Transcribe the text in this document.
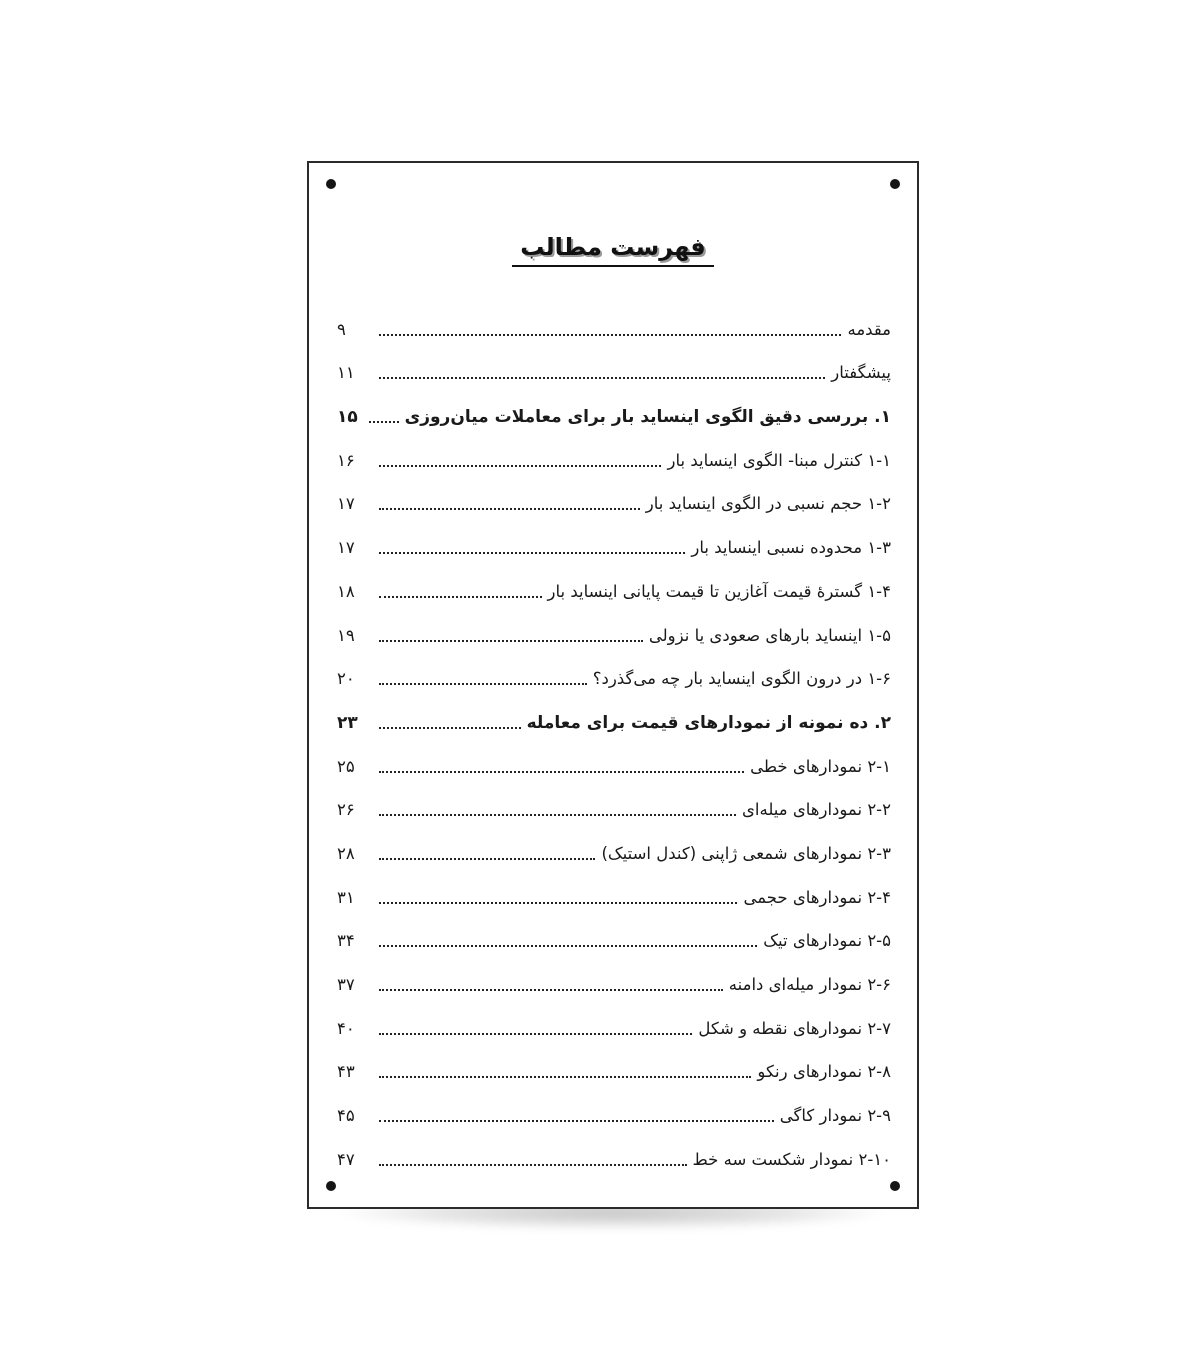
فهرست مطالب
مقدمه
۹
پیشگفتار
۱۱
۱. بررسی دقیق الگوی اینساید بار برای معاملات میان‌روزی
۱۵
۱-۱ کنترل مبنا- الگوی اینساید بار
۱۶
۱-۲ حجم نسبی در الگوی اینساید بار
۱۷
۱-۳ محدوده نسبی اینساید بار
۱۷
۱-۴ گسترهٔ قیمت آغازین تا قیمت پایانی اینساید بار
۱۸
۱-۵ اینساید بارهای صعودی یا نزولی
۱۹
۱-۶ در درون الگوی اینساید بار چه می‌گذرد؟
۲۰
۲. ده نمونه از نمودارهای قیمت برای معامله
۲۳
۲-۱ نمودارهای خطی
۲۵
۲-۲ نمودارهای میله‌ای
۲۶
۲-۳ نمودارهای شمعی ژاپنی (کندل استیک)
۲۸
۲-۴ نمودارهای حجمی
۳۱
۲-۵ نمودارهای تیک
۳۴
۲-۶ نمودار میله‌ای دامنه
۳۷
۲-۷ نمودارهای نقطه و شکل
۴۰
۲-۸ نمودارهای رنکو
۴۳
۲-۹ نمودار کاگی
۴۵
۲-۱۰ نمودار شکست سه خط
۴۷
